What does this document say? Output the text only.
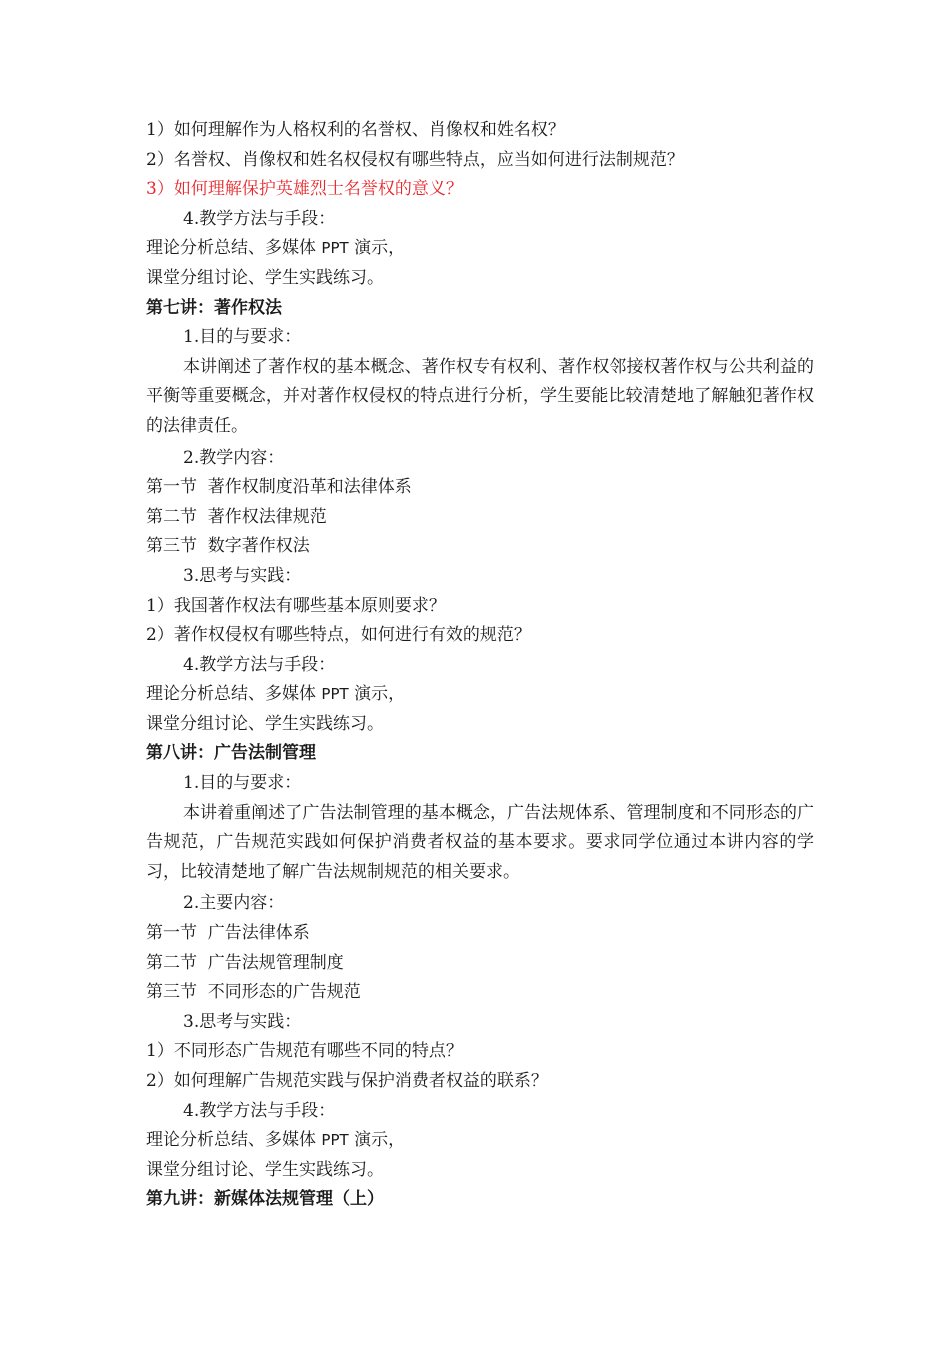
1）如何理解作为人格权利的名誉权、肖像权和姓名权？
2）名誉权、肖像权和姓名权侵权有哪些特点，应当如何进行法制规范？
3）如何理解保护英雄烈士名誉权的意义？
4.教学方法与手段：
理论分析总结、多媒体 PPT 演示，
课堂分组讨论、学生实践练习。
第七讲：著作权法
1.目的与要求：

本讲阐述了著作权的基本概念、著作权专有权利、著作权邻接权著作权与公共利益的平衡等重要概念，并对著作权侵权的特点进行分析，学生要能比较清楚地了解触犯著作权的法律责任。

2.教学内容：
第一节  著作权制度沿革和法律体系
第二节  著作权法律规范
第三节  数字著作权法
3.思考与实践：
1）我国著作权法有哪些基本原则要求？
2）著作权侵权有哪些特点，如何进行有效的规范？
4.教学方法与手段：
理论分析总结、多媒体 PPT 演示，
课堂分组讨论、学生实践练习。
第八讲：广告法制管理
1.目的与要求：

本讲着重阐述了广告法制管理的基本概念，广告法规体系、管理制度和不同形态的广告规范，广告规范实践如何保护消费者权益的基本要求。要求同学位通过本讲内容的学习，比较清楚地了解广告法规制规范的相关要求。

2.主要内容：
第一节  广告法律体系
第二节  广告法规管理制度
第三节  不同形态的广告规范
3.思考与实践：
1）不同形态广告规范有哪些不同的特点？
2）如何理解广告规范实践与保护消费者权益的联系？
4.教学方法与手段：
理论分析总结、多媒体 PPT 演示，
课堂分组讨论、学生实践练习。
第九讲：新媒体法规管理（上）
